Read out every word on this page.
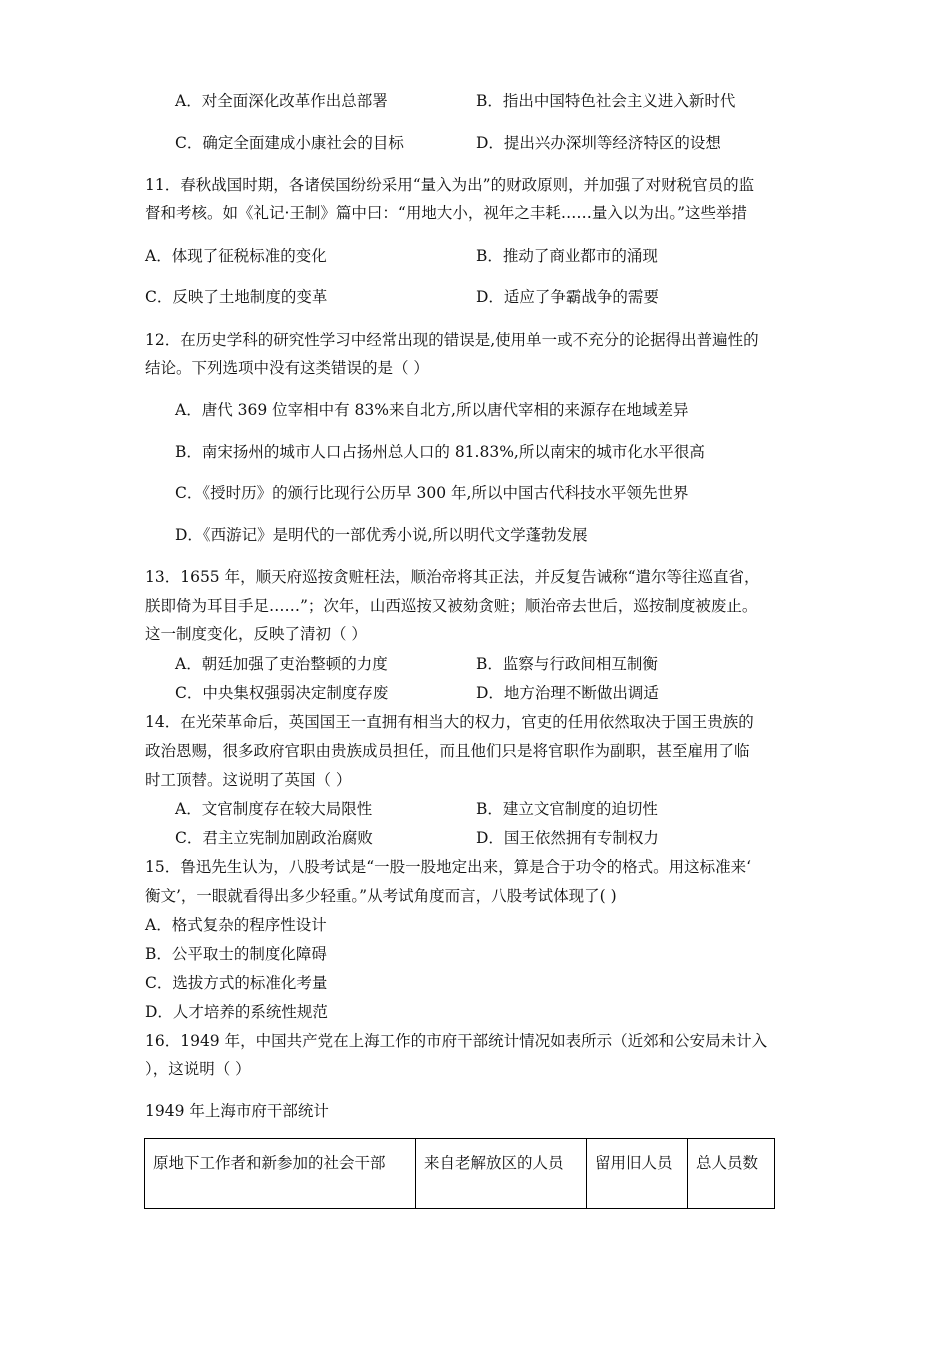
A．对全面深化改革作出总部署	B．指出中国特色社会主义进入新时代
C．确定全面建成小康社会的目标	D．提出兴办深圳等经济特区的设想
11．春秋战国时期，各诸侯国纷纷采用“量入为出”的财政原则，并加强了对财税官员的监
督和考核。如《礼记·王制》篇中曰：“用地大小，视年之丰耗……量入以为出。”这些举措
A．体现了征税标准的变化	B．推动了商业都市的涌现
C．反映了土地制度的变革	D．适应了争霸战争的需要
12．在历史学科的研究性学习中经常出现的错误是,使用单一或不充分的论据得出普遍性的
结论。下列选项中没有这类错误的是（ ）
A．唐代 369 位宰相中有 83%来自北方,所以唐代宰相的来源存在地域差异
B．南宋扬州的城市人口占扬州总人口的 81.83%,所以南宋的城市化水平很高
C．《授时历》的颁行比现行公历早 300 年,所以中国古代科技水平领先世界
D．《西游记》是明代的一部优秀小说,所以明代文学蓬勃发展
13．1655 年，顺天府巡按贪赃枉法，顺治帝将其正法，并反复告诫称“遣尔等往巡直省，
朕即倚为耳目手足……”；次年，山西巡按又被劾贪赃；顺治帝去世后，巡按制度被废止。
这一制度变化，反映了清初（ ）
A．朝廷加强了吏治整顿的力度	B．监察与行政间相互制衡
C．中央集权强弱决定制度存废	D．地方治理不断做出调适
14．在光荣革命后，英国国王一直拥有相当大的权力，官吏的任用依然取决于国王贵族的
政治恩赐，很多政府官职由贵族成员担任，而且他们只是将官职作为副职，甚至雇用了临
时工顶替。这说明了英国（ ）
A．文官制度存在较大局限性	B．建立文官制度的迫切性
C．君主立宪制加剧政治腐败	D．国王依然拥有专制权力
15．鲁迅先生认为，八股考试是“一股一股地定出来，算是合于功令的格式。用这标准来‘
衡文’，一眼就看得出多少轻重。”从考试角度而言，八股考试体现了( )
A．格式复杂的程序性设计
B．公平取士的制度化障碍
C．选拔方式的标准化考量
D．人才培养的系统性规范
16．1949 年，中国共产党在上海工作的市府干部统计情况如表所示（近郊和公安局未计入
），这说明（ ）
1949 年上海市府干部统计
原地下工作者和新参加的社会干部	来自老解放区的人员	留用旧人员	总人员数
